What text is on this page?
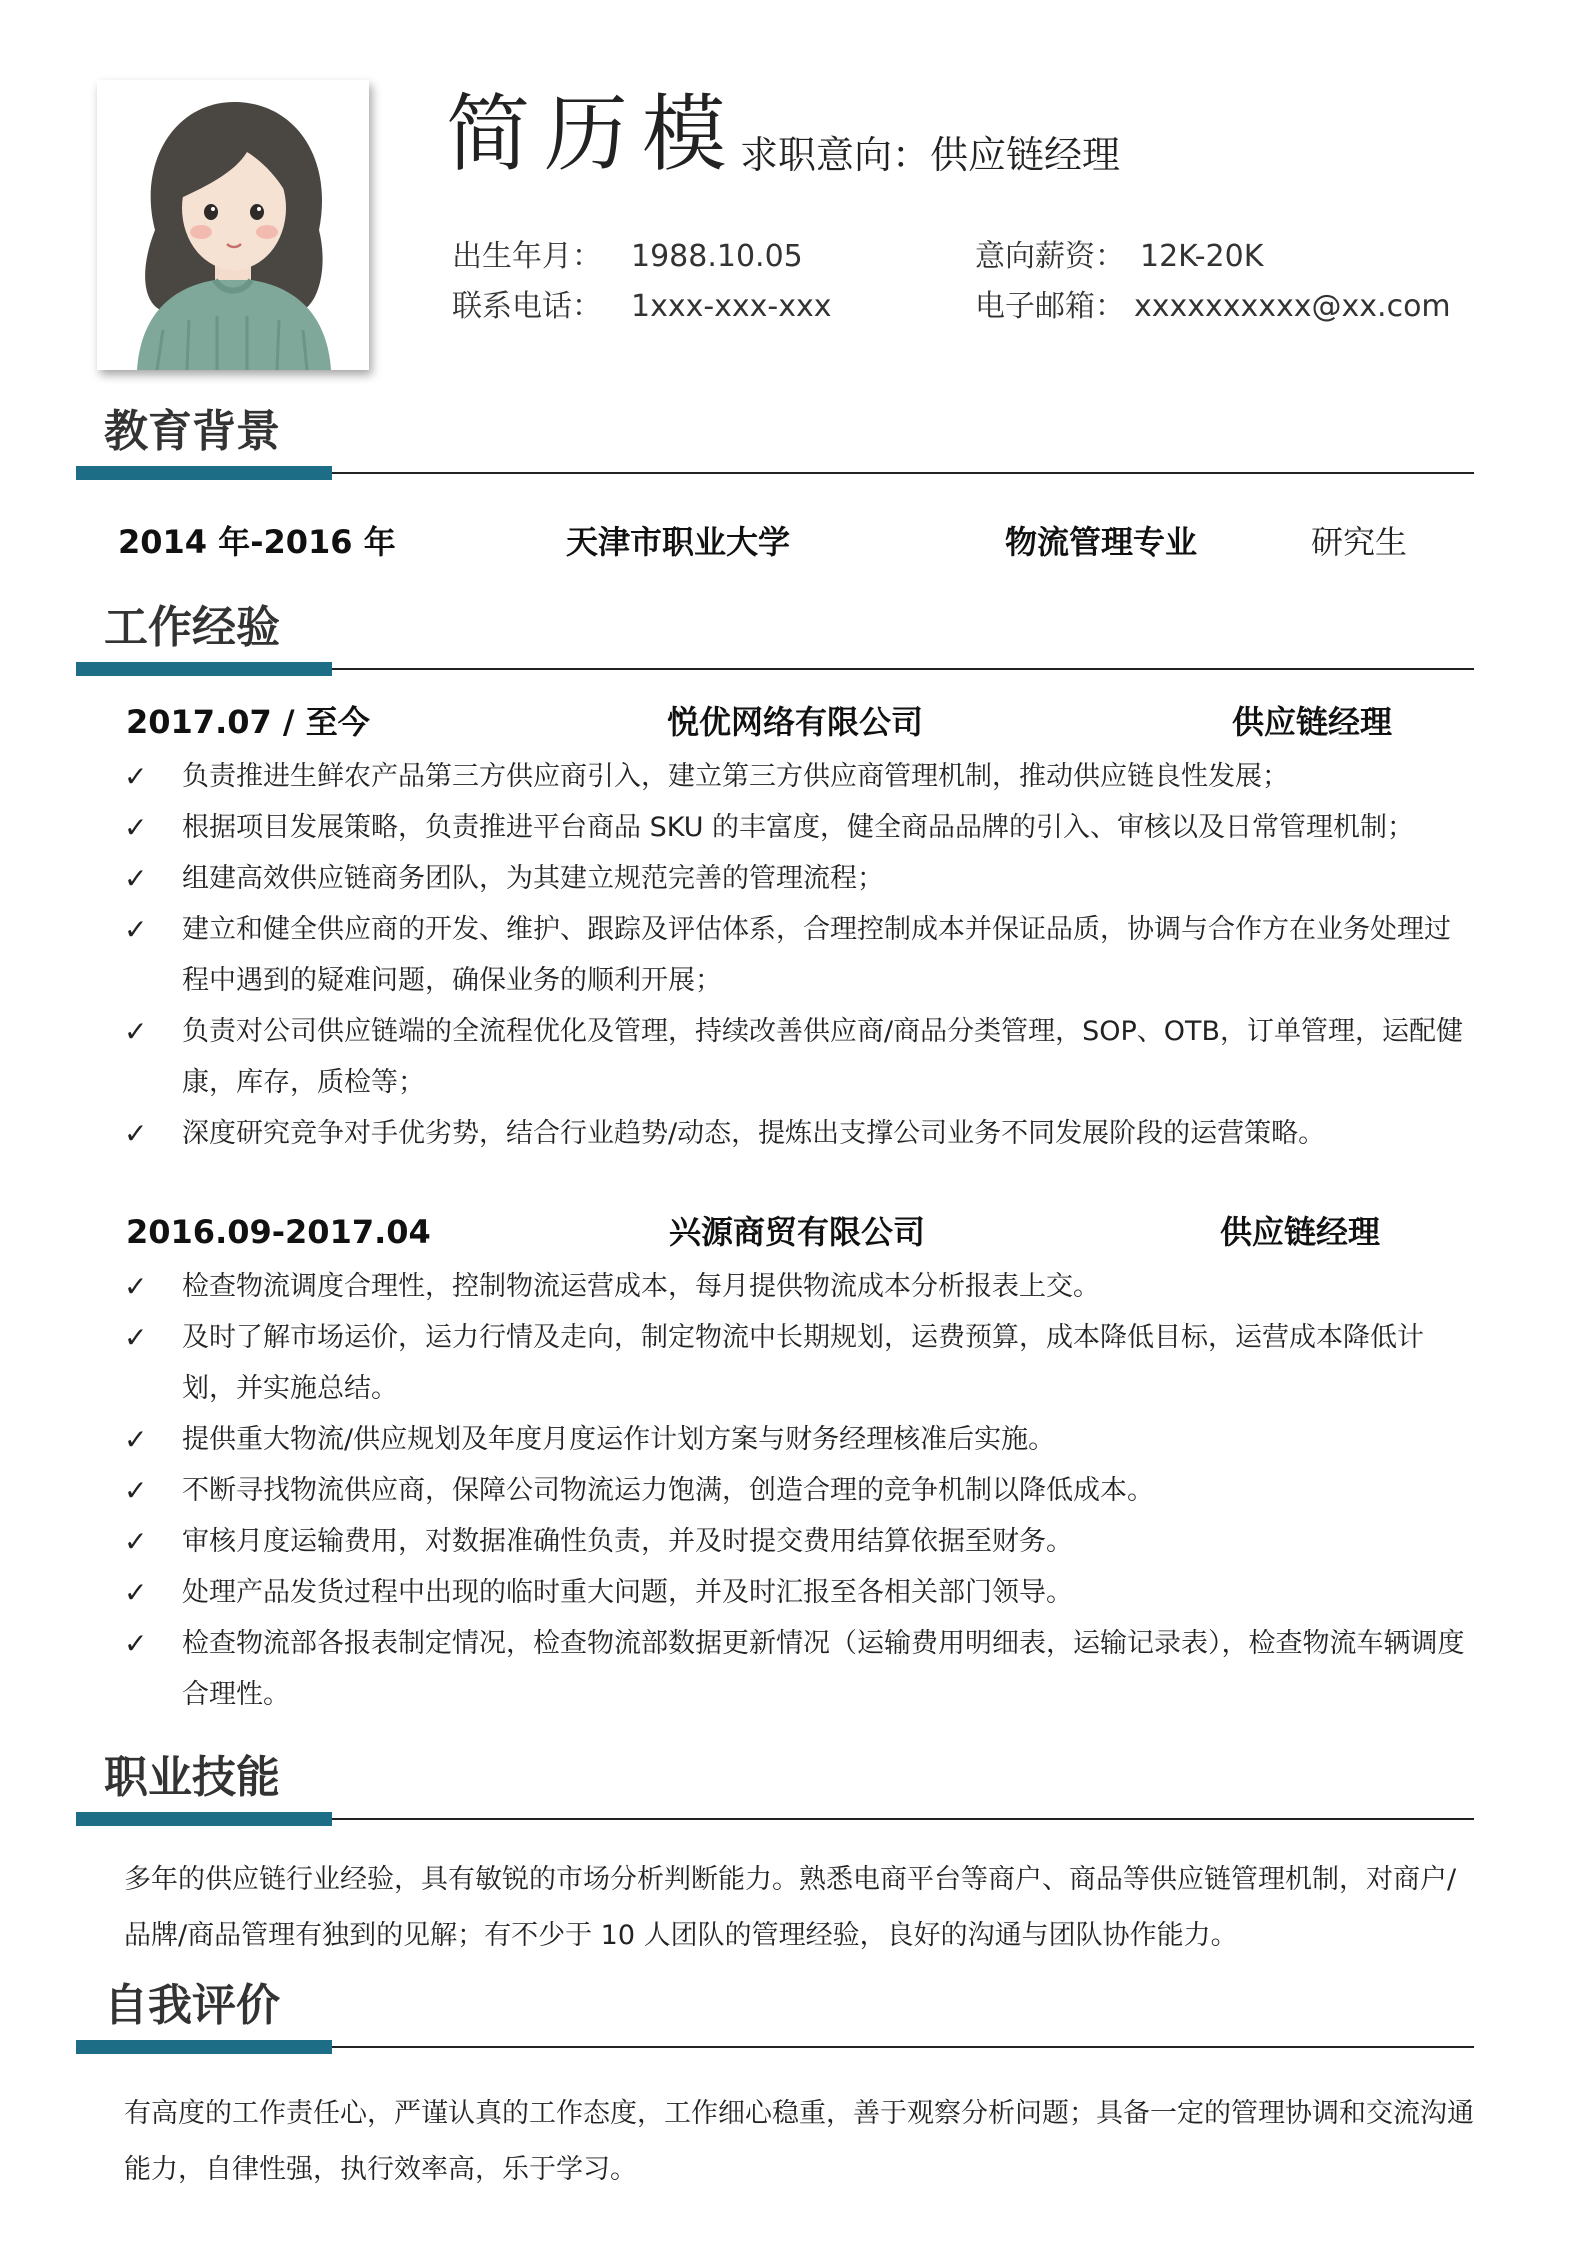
简历模 求职意向：供应链经理
出生年月： 1988.10.05	意向薪资： 12K-20K
联系电话： 1xxx-xxx-xxx	电子邮箱： xxxxxxxxxx@xx.com
教育背景
2014 年-2016 年	天津市职业大学	物流管理专业	研究生
工作经验
2017.07 / 至今	悦优网络有限公司	供应链经理
✓ 负责推进生鲜农产品第三方供应商引入，建立第三方供应商管理机制，推动供应链良性发展；
✓ 根据项目发展策略，负责推进平台商品 SKU 的丰富度，健全商品品牌的引入、审核以及日常管理机制；
✓ 组建高效供应链商务团队，为其建立规范完善的管理流程；
✓ 建立和健全供应商的开发、维护、跟踪及评估体系，合理控制成本并保证品质，协调与合作方在业务处理过程中遇到的疑难问题，确保业务的顺利开展；
✓ 负责对公司供应链端的全流程优化及管理，持续改善供应商/商品分类管理，SOP、OTB，订单管理，运配健康，库存，质检等；
✓ 深度研究竞争对手优劣势，结合行业趋势/动态，提炼出支撑公司业务不同发展阶段的运营策略。
2016.09-2017.04	兴源商贸有限公司	供应链经理
✓ 检查物流调度合理性，控制物流运营成本，每月提供物流成本分析报表上交。
✓ 及时了解市场运价，运力行情及走向，制定物流中长期规划，运费预算，成本降低目标，运营成本降低计划，并实施总结。
✓ 提供重大物流/供应规划及年度月度运作计划方案与财务经理核准后实施。
✓ 不断寻找物流供应商，保障公司物流运力饱满，创造合理的竞争机制以降低成本。
✓ 审核月度运输费用，对数据准确性负责，并及时提交费用结算依据至财务。
✓ 处理产品发货过程中出现的临时重大问题，并及时汇报至各相关部门领导。
✓ 检查物流部各报表制定情况，检查物流部数据更新情况（运输费用明细表，运输记录表），检查物流车辆调度合理性。
职业技能
多年的供应链行业经验，具有敏锐的市场分析判断能力。熟悉电商平台等商户、商品等供应链管理机制，对商户/品牌/商品管理有独到的见解；有不少于 10 人团队的管理经验，良好的沟通与团队协作能力。
自我评价
有高度的工作责任心，严谨认真的工作态度，工作细心稳重，善于观察分析问题；具备一定的管理协调和交流沟通能力，自律性强，执行效率高，乐于学习。
